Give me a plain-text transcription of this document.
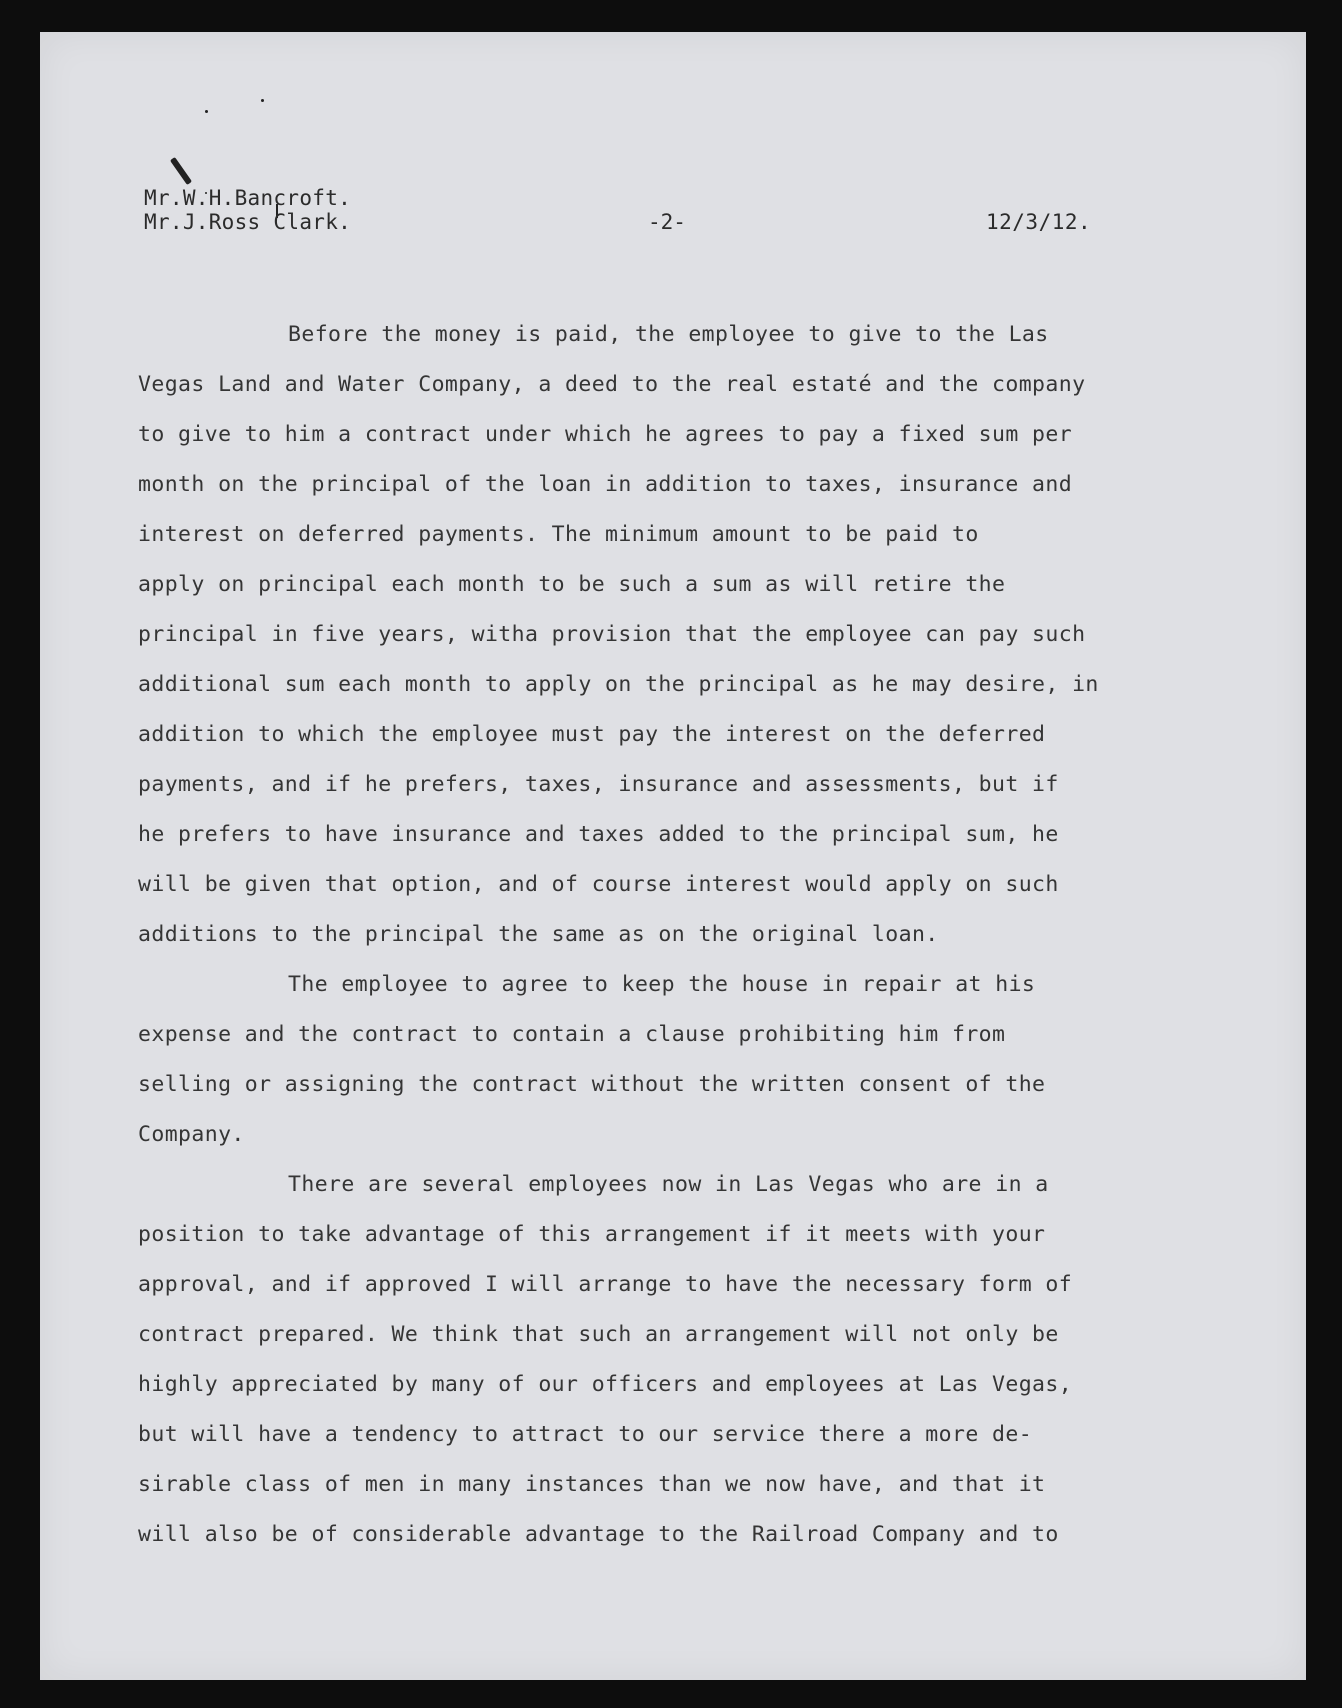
Mr.W.H.Bancroft.
Mr.J.Ross Clark.	-2-	12/3/12.
Before the money is paid, the employee to give to the Las
Vegas Land and Water Company, a deed to the real estaté and the company
to give to him a contract under which he agrees to pay a fixed sum per
month on the principal of the loan in addition to taxes, insurance and
interest on deferred payments. The minimum amount to be paid to
apply on principal each month to be such a sum as will retire the
principal in five years, witha provision that the employee can pay such
additional sum each month to apply on the principal as he may desire, in
addition to which the employee must pay the interest on the deferred
payments, and if he prefers, taxes, insurance and assessments, but if
he prefers to have insurance and taxes added to the principal sum, he
will be given that option, and of course interest would apply on such
additions to the principal the same as on the original loan.
The employee to agree to keep the house in repair at his
expense and the contract to contain a clause prohibiting him from
selling or assigning the contract without the written consent of the
Company.
There are several employees now in Las Vegas who are in a
position to take advantage of this arrangement if it meets with your
approval, and if approved I will arrange to have the necessary form of
contract prepared. We think that such an arrangement will not only be
highly appreciated by many of our officers and employees at Las Vegas,
but will have a tendency to attract to our service there a more de-
sirable class of men in many instances than we now have, and that it
will also be of considerable advantage to the Railroad Company and to
